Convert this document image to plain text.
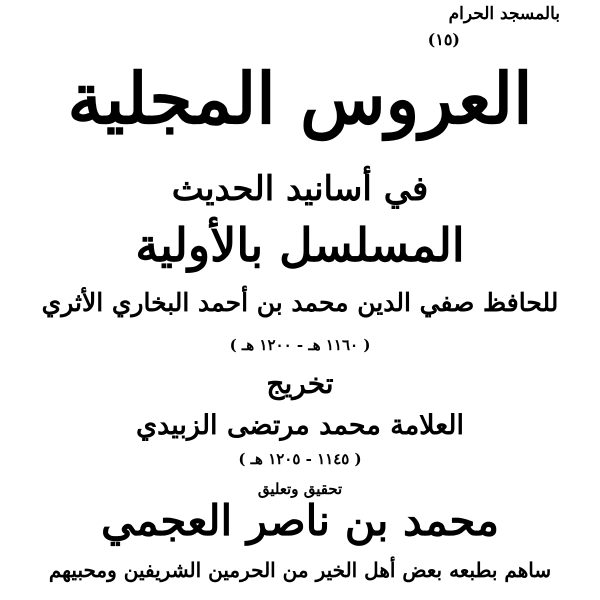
بالمسجد الحرام
(١٥)
العروس المجلية
في أسانيد الحديث
المسلسل بالأولية
للحافظ صفي الدين محمد بن أحمد البخاري الأثري
( ١١٦٠ هـ - ١٢٠٠ هـ )
تخريج
العلامة محمد مرتضى الزبيدي
( ١١٤٥ - ١٢٠٥ هـ )
تحقيق وتعليق
محمد بن ناصر العجمي
ساهم بطبعه بعض أهل الخير من الحرمين الشريفين ومحبيهم
